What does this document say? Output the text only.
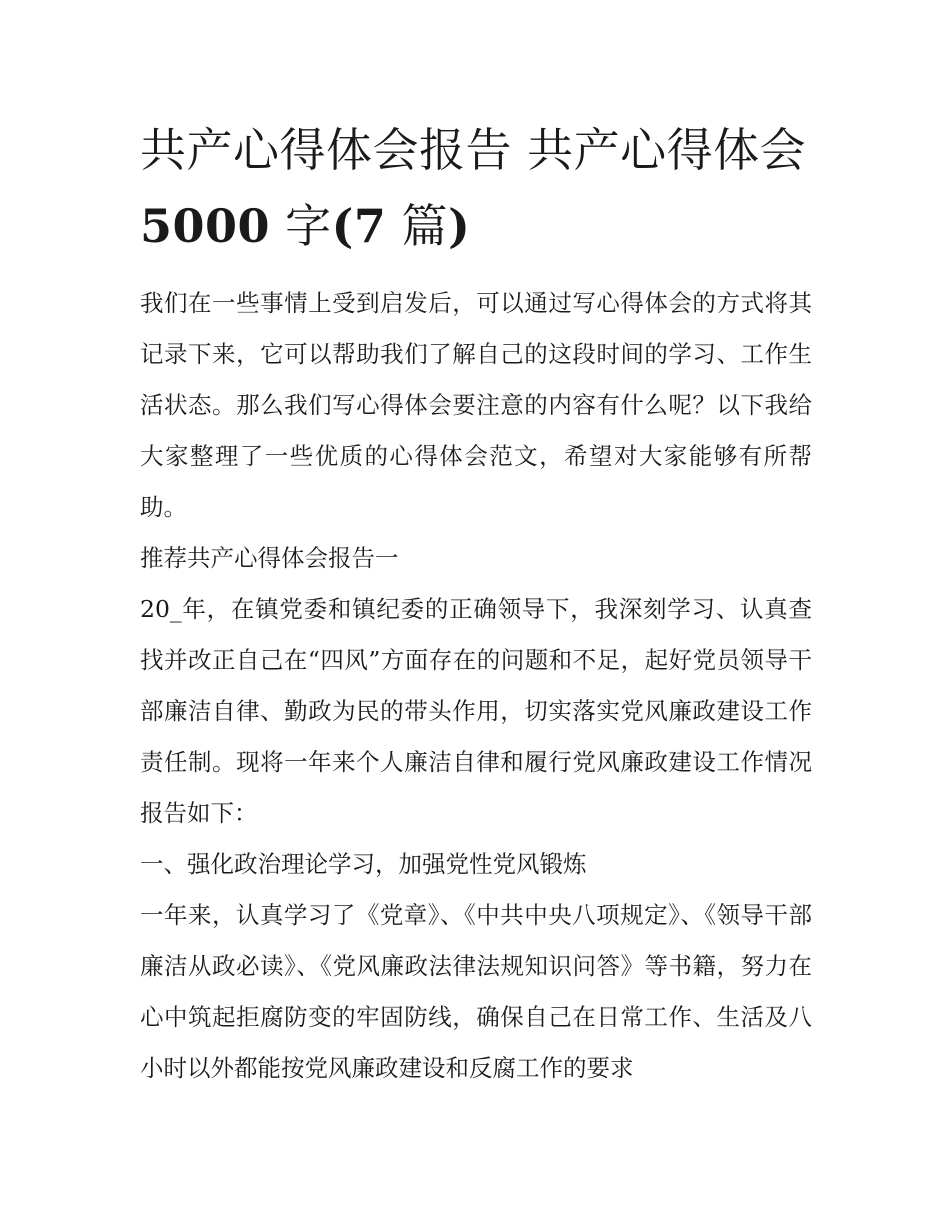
共产心得体会报告 共产心得体会 5000 字(7 篇)

我们在一些事情上受到启发后，可以通过写心得体会的方式将其记录下来，它可以帮助我们了解自己的这段时间的学习、工作生活状态。那么我们写心得体会要注意的内容有什么呢？以下我给大家整理了一些优质的心得体会范文，希望对大家能够有所帮助。

推荐共产心得体会报告一

20_年，在镇党委和镇纪委的正确领导下，我深刻学习、认真查找并改正自己在“四风”方面存在的问题和不足，起好党员领导干部廉洁自律、勤政为民的带头作用，切实落实党风廉政建设工作责任制。现将一年来个人廉洁自律和履行党风廉政建设工作情况报告如下：

一、强化政治理论学习，加强党性党风锻炼

一年来，认真学习了《党章》、《中共中央八项规定》、《领导干部廉洁从政必读》、《党风廉政法律法规知识问答》等书籍，努力在心中筑起拒腐防变的牢固防线，确保自己在日常工作、生活及八小时以外都能按党风廉政建设和反腐工作的要求
